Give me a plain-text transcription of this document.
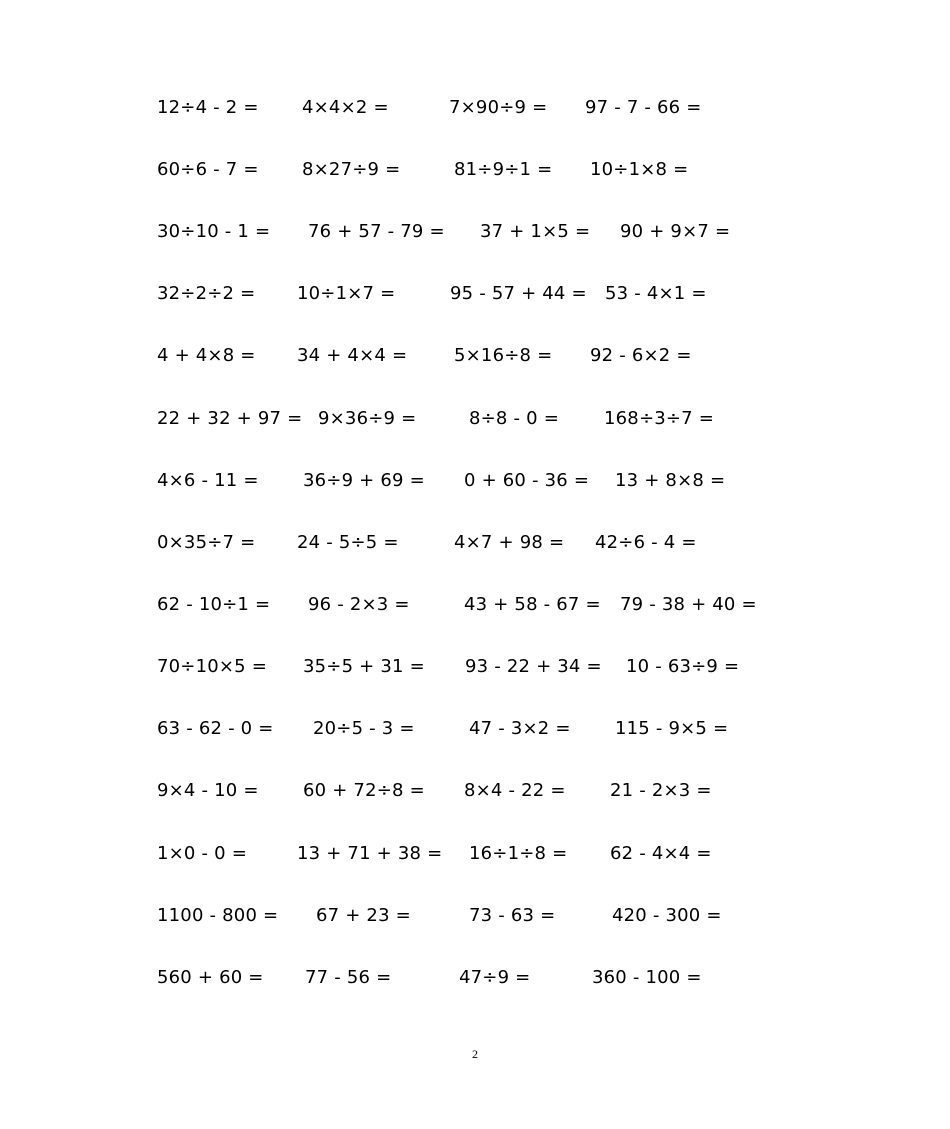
12÷4 - 2 = 4×4×2 =	7×90÷9 = 97 - 7 - 66 =
60÷6 - 7 = 8×27÷9 =	81÷9÷1 = 10÷1×8 =
30÷10 - 1 = 76 + 57 - 79 = 37 + 1×5 = 90 + 9×7 =
32÷2÷2 = 10÷1×7 =	95 - 57 + 44 = 53 - 4×1 =
4 + 4×8 = 34 + 4×4 =	5×16÷8 = 92 - 6×2 =
22 + 32 + 97 = 9×36÷9 =	8÷8 - 0 =	168÷3÷7 =
4×6 - 11 = 36÷9 + 69 = 0 + 60 - 36 = 13 + 8×8 =
0×35÷7 = 24 - 5÷5 =	4×7 + 98 = 42÷6 - 4 =
62 - 10÷1 = 96 - 2×3 =	43 + 58 - 67 = 79 - 38 + 40 =
70÷10×5 = 35÷5 + 31 = 93 - 22 + 34 = 10 - 63÷9 =
63 - 62 - 0 = 20÷5 - 3 =	47 - 3×2 = 115 - 9×5 =
9×4 - 10 = 60 + 72÷8 = 8×4 - 22 = 21 - 2×3 =
1×0 - 0 =	13 + 71 + 38 = 16÷1÷8 = 62 - 4×4 =
1100 - 800 = 67 + 23 =	73 - 63 =	420 - 300 =
560 + 60 = 77 - 56 =	47÷9 =	360 - 100 =
2
